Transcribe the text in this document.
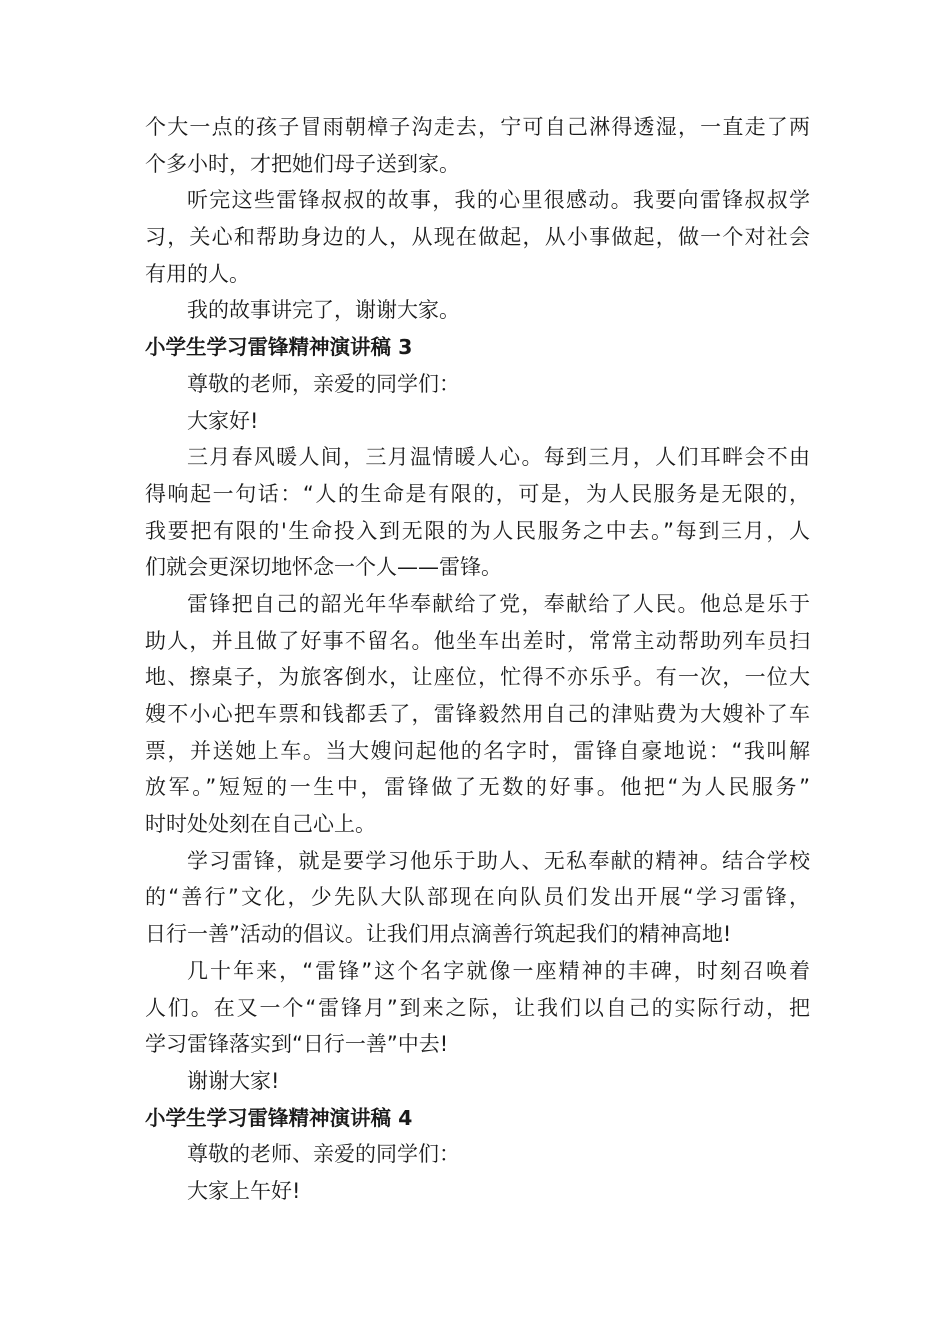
个大一点的孩子冒雨朝樟子沟走去，宁可自己淋得透湿，一直走了两
个多小时，才把她们母子送到家。
听完这些雷锋叔叔的故事，我的心里很感动。我要向雷锋叔叔学
习，关心和帮助身边的人，从现在做起，从小事做起，做一个对社会
有用的人。
我的故事讲完了，谢谢大家。
小学生学习雷锋精神演讲稿 3
尊敬的老师，亲爱的同学们：
大家好!
三月春风暖人间，三月温情暖人心。每到三月，人们耳畔会不由
得响起一句话：“人的生命是有限的，可是，为人民服务是无限的，
我要把有限的'生命投入到无限的为人民服务之中去。”每到三月，人
们就会更深切地怀念一个人——雷锋。
雷锋把自己的韶光年华奉献给了党，奉献给了人民。他总是乐于
助人，并且做了好事不留名。他坐车出差时，常常主动帮助列车员扫
地、擦桌子，为旅客倒水，让座位，忙得不亦乐乎。有一次，一位大
嫂不小心把车票和钱都丢了，雷锋毅然用自己的津贴费为大嫂补了车
票，并送她上车。当大嫂问起他的名字时，雷锋自豪地说：“我叫解
放军。”短短的一生中，雷锋做了无数的好事。他把“为人民服务”
时时处处刻在自己心上。
学习雷锋，就是要学习他乐于助人、无私奉献的精神。结合学校
的“善行”文化，少先队大队部现在向队员们发出开展“学习雷锋，
日行一善”活动的倡议。让我们用点滴善行筑起我们的精神高地!
几十年来，“雷锋”这个名字就像一座精神的丰碑，时刻召唤着
人们。在又一个“雷锋月”到来之际，让我们以自己的实际行动，把
学习雷锋落实到“日行一善”中去!
谢谢大家!
小学生学习雷锋精神演讲稿 4
尊敬的老师、亲爱的同学们：
大家上午好!
